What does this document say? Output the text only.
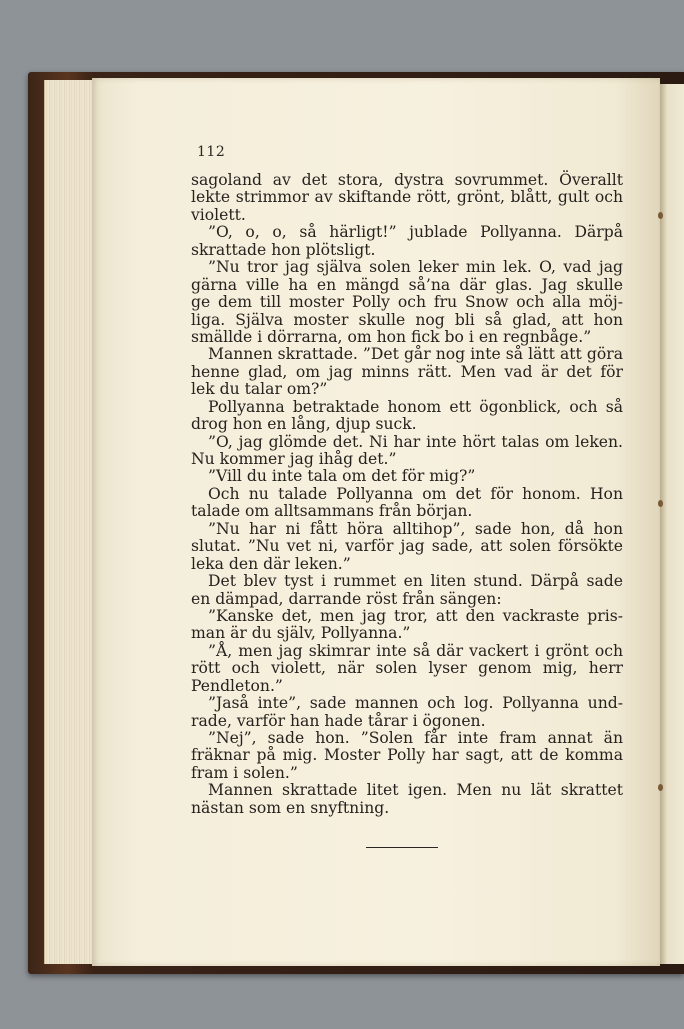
112
sagoland av det stora, dystra sovrummet. Överallt
lekte strimmor av skiftande rött, grönt, blått, gult och
violett.
”O, o, o, så härligt!” jublade Pollyanna. Därpå
skrattade hon plötsligt.
”Nu tror jag själva solen leker min lek. O, vad jag
gärna ville ha en mängd så’na där glas. Jag skulle
ge dem till moster Polly och fru Snow och alla möj-
liga. Själva moster skulle nog bli så glad, att hon
smällde i dörrarna, om hon fick bo i en regnbåge.”
Mannen skrattade. ”Det går nog inte så lätt att göra
henne glad, om jag minns rätt. Men vad är det för
lek du talar om?”
Pollyanna betraktade honom ett ögonblick, och så
drog hon en lång, djup suck.
”O, jag glömde det. Ni har inte hört talas om leken.
Nu kommer jag ihåg det.”
”Vill du inte tala om det för mig?”
Och nu talade Pollyanna om det för honom. Hon
talade om alltsammans från början.
”Nu har ni fått höra alltihop”, sade hon, då hon
slutat. ”Nu vet ni, varför jag sade, att solen försökte
leka den där leken.”
Det blev tyst i rummet en liten stund. Därpå sade
en dämpad, darrande röst från sängen:
”Kanske det, men jag tror, att den vackraste pris-
man är du själv, Pollyanna.”
”Å, men jag skimrar inte så där vackert i grönt och
rött och violett, när solen lyser genom mig, herr
Pendleton.”
”Jaså inte”, sade mannen och log. Pollyanna und-
rade, varför han hade tårar i ögonen.
”Nej”, sade hon. ”Solen får inte fram annat än
fräknar på mig. Moster Polly har sagt, att de komma
fram i solen.”
Mannen skrattade litet igen. Men nu lät skrattet
nästan som en snyftning.
